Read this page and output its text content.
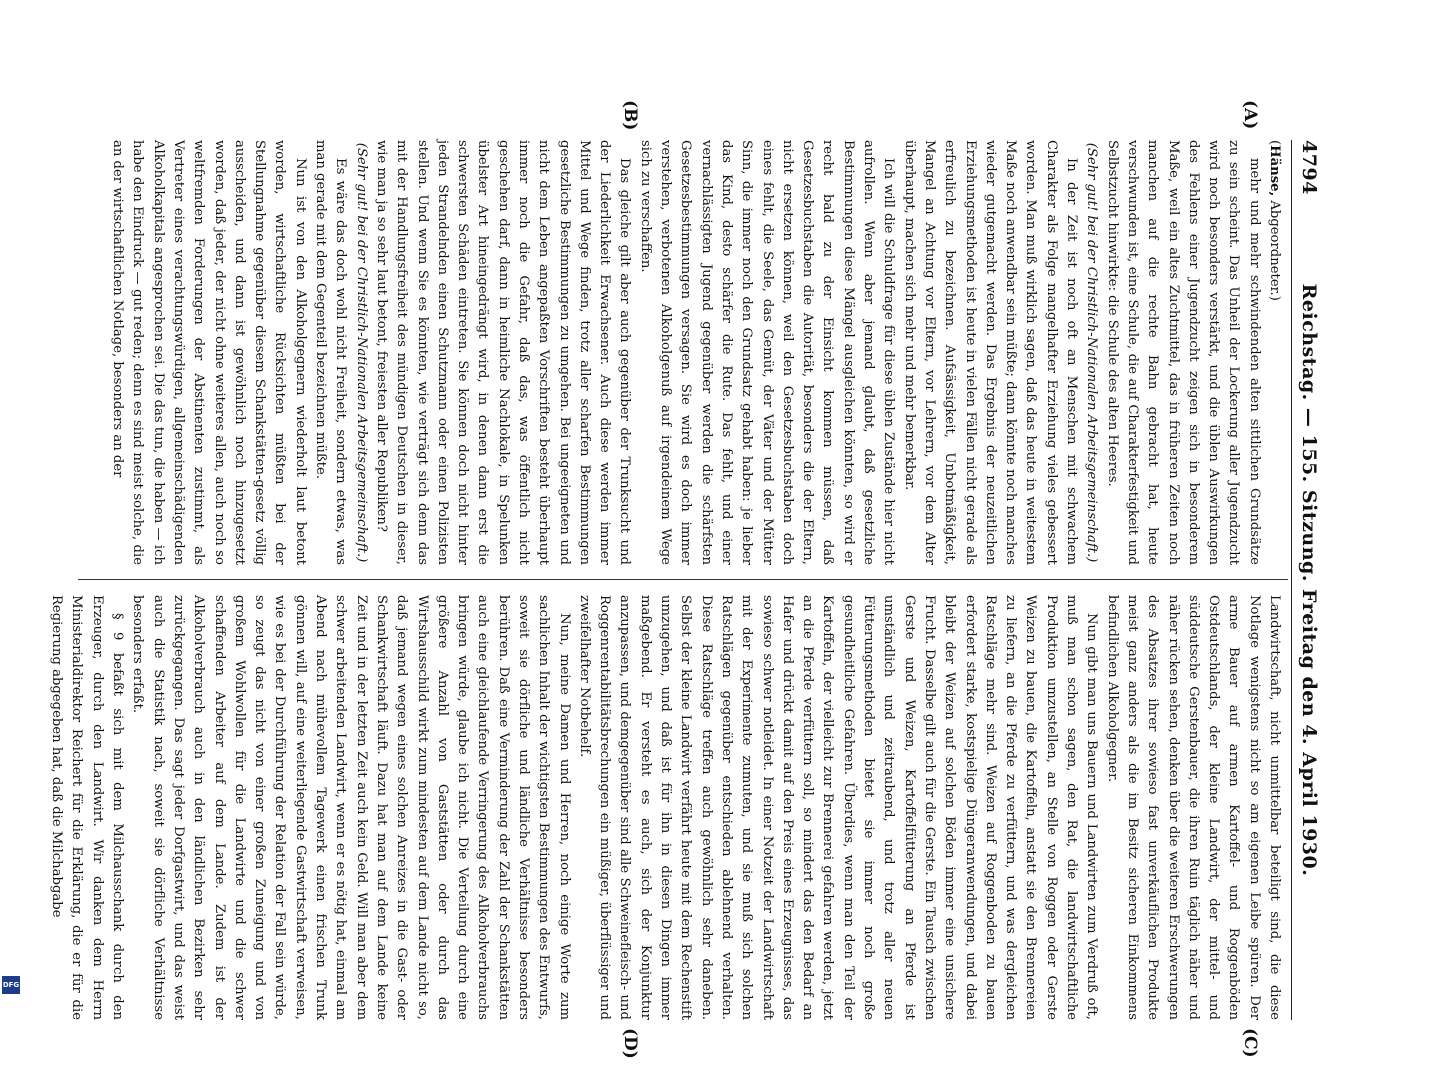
4794
Reichstag. — 155. Sitzung. Freitag den 4. April 1930.

(Hänse, Abgeordneter.)

mehr und mehr schwindenden alten sittlichen Grundsätze zu sein scheint. Das Unheil der Lockerung aller Jugendzucht wird noch besonders verstärkt, und die üblen Auswirkungen des Fehlens einer Jugendzucht zeigen sich in besonderem Maße, weil ein altes Zuchtmittel, das in früheren Zeiten noch manchen auf die rechte Bahn gebracht hat, heute verschwunden ist, eine Schule, die auf Charakterfestigkeit und Selbstzucht hinwirkte: die Schule des alten Heeres.

(Sehr gut! bei der Christlich-Nationalen Arbeitsgemeinschaft.)

In der Zeit ist noch oft an Menschen mit schwachem Charakter als Folge mangelhafter Erziehung vieles gebessert worden. Man muß wirklich sagen, daß das heute in weitestem Maße noch anwendbar sein müßte; dann könnte noch manches wieder gutgemacht werden. Das Ergebnis der neuzeitlichen Erziehungsmethoden ist heute in vielen Fällen nicht gerade als erfreulich zu bezeichnen. Aufsässigkeit, Unbotmäßigkeit, Mangel an Achtung vor Eltern, vor Lehrern, vor dem Alter überhaupt, machen sich mehr und mehr bemerkbar.

Ich will die Schuldfrage für diese üblen Zustände hier nicht aufrollen. Wenn aber jemand glaubt, daß gesetzliche Bestimmungen diese Mängel ausgleichen könnten, so wird er recht bald zu der Einsicht kommen müssen, daß Gesetzesbuchstaben die Autorität, besonders die der Eltern, nicht ersetzen können, weil den Gesetzesbuchstaben doch eines fehlt, die Seele, das Gemüt, der Väter und der Mütter Sinn, die immer noch den Grundsatz gehabt haben: je lieber das Kind, desto schärfer die Rute. Das fehlt, und einer vernachlässigten Jugend gegenüber werden die schärfsten Gesetzesbestimmungen versagen. Sie wird es doch immer verstehen, verbotenen Alkoholgenuß auf irgendeinem Wege sich zu verschaffen.

Das gleiche gilt aber auch gegenüber der Trunksucht und der Liederlichkeit Erwachsener. Auch diese werden immer Mittel und Wege finden, trotz aller scharfen Bestimmungen gesetzliche Bestimmungen zu umgehen. Bei ungeeigneten und nicht dem Leben angepaßten Vorschriften besteht überhaupt immer noch die Gefahr, daß das, was öffentlich nicht geschehen darf, dann in heimliche Nachlokale, in Spelunken übelster Art hineingedrängt wird, in denen dann erst die schwersten Schäden eintreten. Sie können doch nicht hinter jeden Strandelnden einen Schutzmann oder einen Polizisten stellen. Und wenn Sie es könnten, wie verträgt sich denn das mit der Handlungsfreiheit des mündigen Deutschen in dieser, wie man ja so sehr laut betont, freiesten aller Republiken?

(Sehr gut! bei der Christlich-Nationalen Arbeitsgemeinschaft.)

Es wäre das doch wohl nicht Freiheit, sondern etwas, was man gerade mit dem Gegenteil bezeichnen müßte.

Nun ist von den Alkoholgegnern wiederholt laut betont worden, wirtschaftliche Rücksichten müßten bei der Stellungnahme gegenüber diesem Schankstätten-gesetz völlig ausscheiden, und dann ist gewöhnlich noch hinzugesetzt worden, daß jeder, der nicht ohne weiteres allen, auch noch so weltfremden Forderungen der Abstinenten zustimmt, als Vertreter eines verachtungswürdigen, allgemeinschädigenden Alkoholkapitals angesprochen sei. Die das tun, die haben — ich habe den Eindruck — gut reden; denn es sind meist solche, die an der wirtschaftlichen Notlage, besonders an der

Landwirtschaft, nicht unmittelbar beteiligt sind, die diese Notlage wenigstens nicht so am eigenen Leibe spüren. Der arme Bauer auf armen Kartoffel- und Roggenböden Ostdeutschlands, der kleine Landwirt, der mittel- und süddeutsche Gerstenbauer, die ihren Ruin täglich näher und näher rücken sehen, denken über die weiteren Erschwerungen des Absatzes ihrer sowieso fast unverkäuflichen Produkte meist ganz anders als die im Besitz sicheren Einkommens befindlichen Alkoholgegner.

Nun gibt man uns Bauern und Landwirten zum Verdruß oft, muß man schon sagen, den Rat, die landwirtschaftliche Produktion umzustellen, an Stelle von Roggen oder Gerste Weizen zu bauen, die Kartoffeln, anstatt sie den Brennereien zu liefern, an die Pferde zu verfüttern, und was dergleichen Ratschläge mehr sind. Weizen auf Roggenboden zu bauen erfordert starke, kostspielige Düngeranwendungen, und dabei bleibt der Weizen auf solchen Böden immer eine unsichere Frucht. Dasselbe gilt auch für die Gerste. Ein Tausch zwischen Gerste und Weizen, Kartoffelfütterung an Pferde ist umständlich und zeitraubend, und trotz aller neuen Fütterungsmethoden bietet sie immer noch große gesundheitliche Gefahren. Überdies, wenn man den Teil der Kartoffeln, der vielleicht zur Brennerei gefahren werden, jetzt an die Pferde verfüttern soll, so mindert das den Bedarf an Hafer und drückt damit auf den Preis eines Erzeugnisses, das sowieso schwer notleidet. In einer Notzeit der Landwirtschaft mit der Experimente zumuten, und sie muß sich solchen Ratschlägen gegenüber entschieden ablehnend verhalten. Diese Ratschläge treffen auch gewöhnlich sehr daneben. Selbst der kleine Landwirt verfährt heute mit dem Rechenstift umzugehen, und daß ist für ihn in diesen Dingen immer maßgebend. Er versteht es auch, sich der Konjunktur anzupassen, und demgegenüber sind alle Schweinefleisch- und Roggenrentabilitätsbrechungen ein müßiger, überflüssiger und zweifelhafter Notbehelf.

Nun, meine Damen und Herren, noch einige Worte zum sachlichen Inhalt der wichtigsten Bestimmungen des Entwurfs, soweit sie dörfliche und ländliche Verhältnisse besonders berühren. Daß eine Verminderung der Zahl der Schankstätten auch eine gleichlaufende Verringerung des Alkoholverbrauchs bringen würde, glaube ich nicht. Die Verteilung durch eine größere Anzahl von Gaststätten oder durch das Wirtshausschild wirkt zum mindesten auf dem Lande nicht so, daß jemand wegen eines solchen Anreizes in die Gast- oder Schankwirtschaft läuft. Dazu hat man auf dem Lande keine Zeit und in der letzten Zeit auch kein Geld. Will man aber dem schwer arbeitenden Landwirt, wenn er es nötig hat, einmal am Abend nach mühevollem Tagewerk einen frischen Trunk gönnen will, auf eine weiterliegende Gastwirtschaft verweisen, wie es bei der Durchführung der Relation der Fall sein würde, so zeugt das nicht von einer großen Zuneigung und von großem Wohlwollen für die Landwirte und die schwer schaffenden Arbeiter auf dem Lande. Zudem ist der Alkoholverbrauch auch in den ländlichen Bezirken sehr zurückgegangen. Das sagt jeder Dorfgastwirt, und das weist auch die Statistik nach, soweit sie dörfliche Verhältnisse besonders erfaßt.

§ 9 befaßt sich mit dem Milchausschank durch den Erzeuger, durch den Landwirt. Wir danken dem Herrn Ministerialdirektor Reichert für die Erklärung, die er für die Regierung abgegeben hat, daß die Milchabgabe

(A)
(B)
(C)
(D)
DFG
